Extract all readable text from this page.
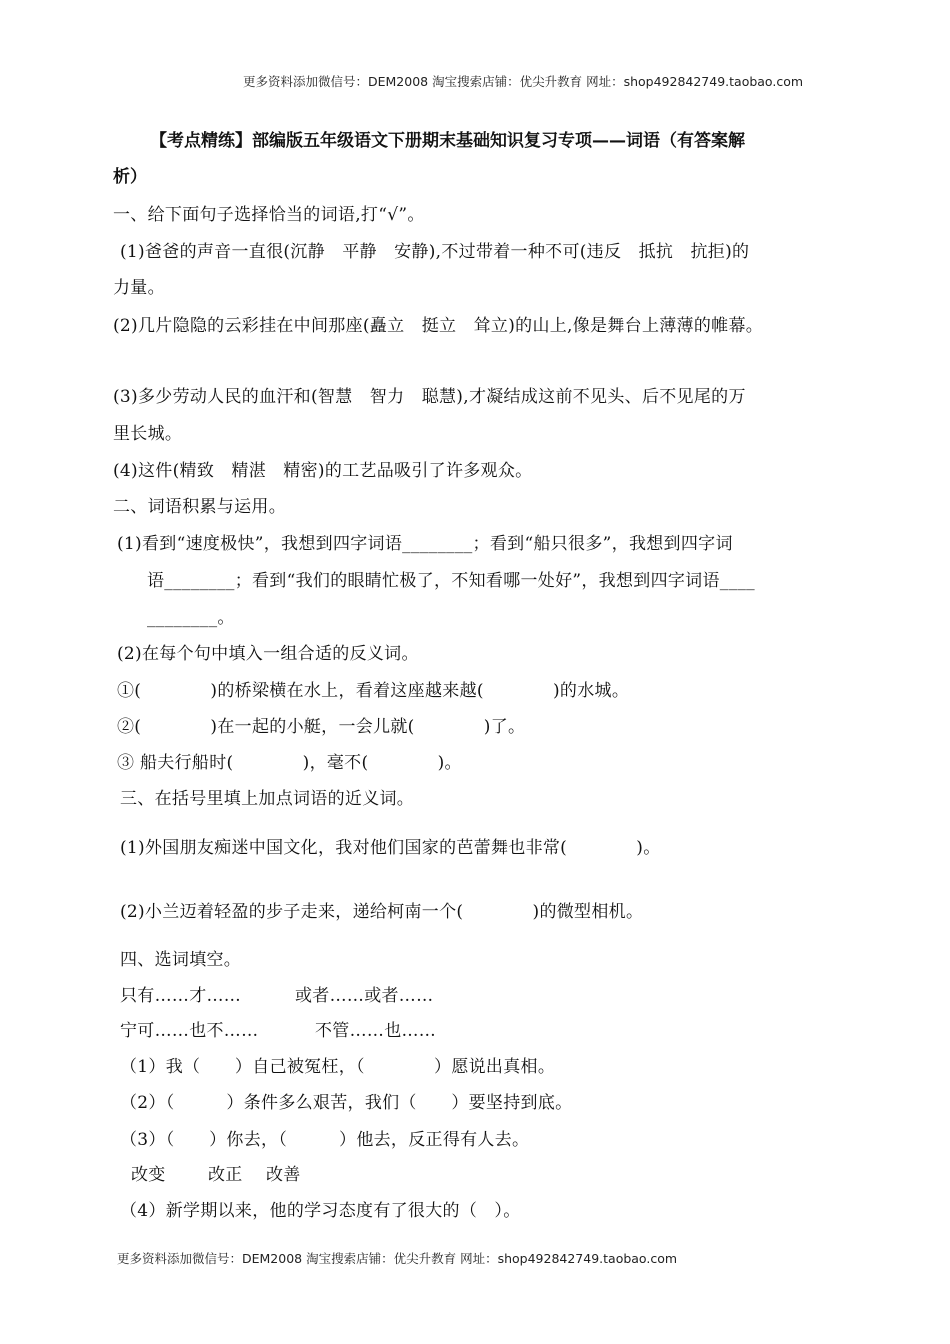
更多资料添加微信号：DEM2008 淘宝搜索店铺：优尖升教育 网址：shop492842749.taobao.com
【考点精练】部编版五年级语文下册期末基础知识复习专项——词语（有答案解
析）
一、给下面句子选择恰当的词语,打“√”。
(1)爸爸的声音一直很(沉静　平静　安静),不过带着一种不可(违反　抵抗　抗拒)的
力量。
(2)几片隐隐的云彩挂在中间那座(矗立　挺立　耸立)的山上,像是舞台上薄薄的帷幕。
(3)多少劳动人民的血汗和(智慧　智力　聪慧),才凝结成这前不见头、后不见尾的万
里长城。
(4)这件(精致　精湛　精密)的工艺品吸引了许多观众。
二、词语积累与运用。
(1)看到“速度极快”，我想到四字词语________；看到“船只很多”，我想到四字词
语________；看到“我们的眼睛忙极了，不知看哪一处好”，我想到四字词语____
________。
(2)在每个句中填入一组合适的反义词。
①(　　　　)的桥梁横在水上，看着这座越来越(　　　　)的水城。
②(　　　　)在一起的小艇，一会儿就(　　　　)了。
③ 船夫行船时(　　　　)，毫不(　　　　)。
三、在括号里填上加点词语的近义词。
(1)外国朋友痴迷中国文化，我对他们国家的芭蕾舞也非常(　　　　)。
(2)小兰迈着轻盈的步子走来，递给柯南一个(　　　　)的微型相机。
四、选词填空。
只有……才……	或者……或者……
宁可……也不……	不管……也……
（1）我（　　）自己被冤枉，（　　　　）愿说出真相。
（2）（　　　）条件多么艰苦，我们（　　）要坚持到底。
（3）（　　）你去，（　　　）他去，反正得有人去。
改变 改正 改善
（4）新学期以来，他的学习态度有了很大的（　）。
更多资料添加微信号：DEM2008 淘宝搜索店铺：优尖升教育 网址：shop492842749.taobao.com
